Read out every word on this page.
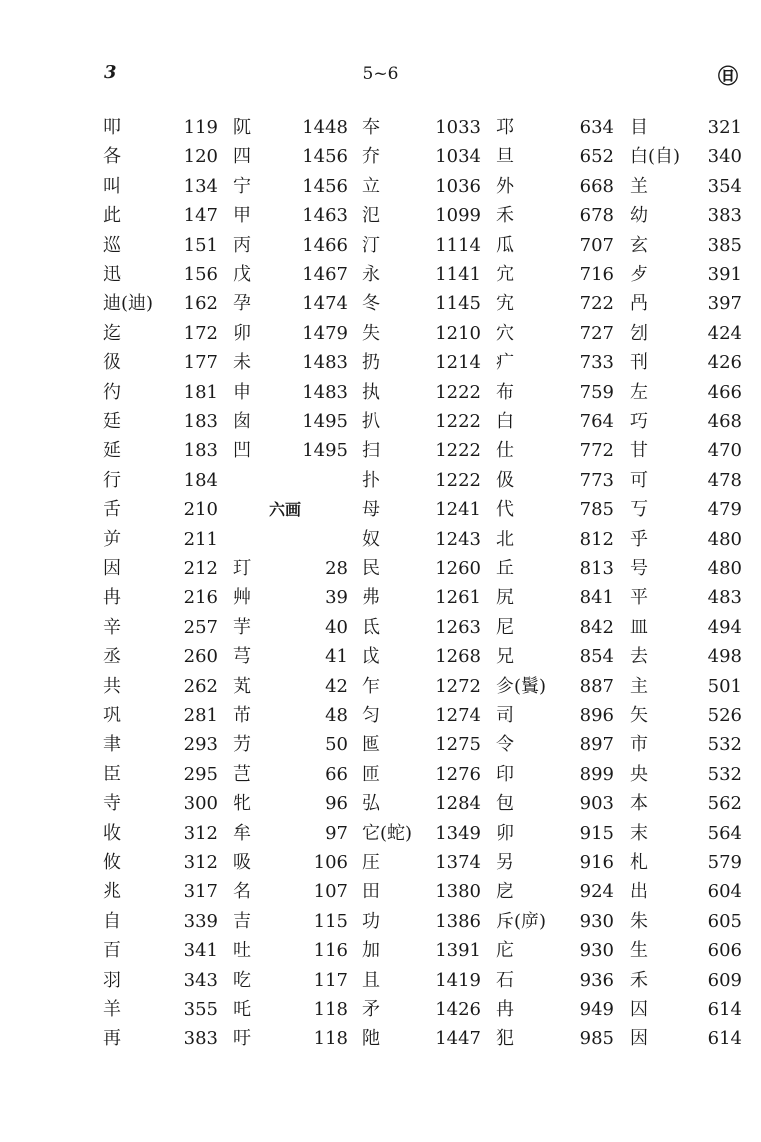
3	5~6	㊐
叩	119 阢	1448 夲	1033 邛	634 目	321
各	120 四	1456 夰	1034 旦	652 白(自)	340
叫	134 宁	1456 立	1036 外	668 𦍌	354
此	147 甲	1463 氾	1099 禾	678 幼	383
巡	151 丙	1466 汀	1114 瓜	707 玄	385
迅	156 戊	1467 永	1141 宂	716 歺	391
迪(迪)	162 孕	1474 冬	1145 宄	722 冎	397
迄	172 卯	1479 失	1210 穴	727 刉	424
彶	177 未	1483 扔	1214 疒	733 刊	426
彴	181 申	1483 执	1222 布	759 左	466
廷	183 囱	1495 扒	1222 白	764 巧	468
延	183 凹	1495 扫	1222 仕	772 甘	470
行	184	扑	1222 伋	773 可	478
舌	210	六画	母	1241 代	785 丂	479
屰	211	奴	1243 北	812 乎	480
因	212 玎	28 民	1260 丘	813 号	480
冉	216 艸	39 弗	1261 尻	841 平	483
辛	257 芋	40 氐	1263 尼	842 皿	494
丞	260 芎	41 戉	1268 兄	854 去	498
共	262 芄	42 乍	1272 㐱(鬒)	887 主	501
巩	281 芇	48 匀	1274 司	896 矢	526
聿	293 芀	50 匜	1275 令	897 市	532
臣	295 芑	66 匝	1276 印	899 央	532
寺	300 牝	96 弘	1284 包	903 本	562
收	312 牟	97 它(蛇)	1349 卯	915 末	564
攸	312 吸	106 圧	1374 另	916 札	579
兆	317 名	107 田	1380 戹	924 出	604
自	339 吉	115 功	1386 斥(㡿)	930 朱	605
百	341 吐	116 加	1391 庀	930 生	606
羽	343 吃	117 且	1419 石	936 禾	609
羊	355 吒	118 矛	1426 冉	949 囚	614
再	383 吁	118 阤	1447 犯	985 因	614
